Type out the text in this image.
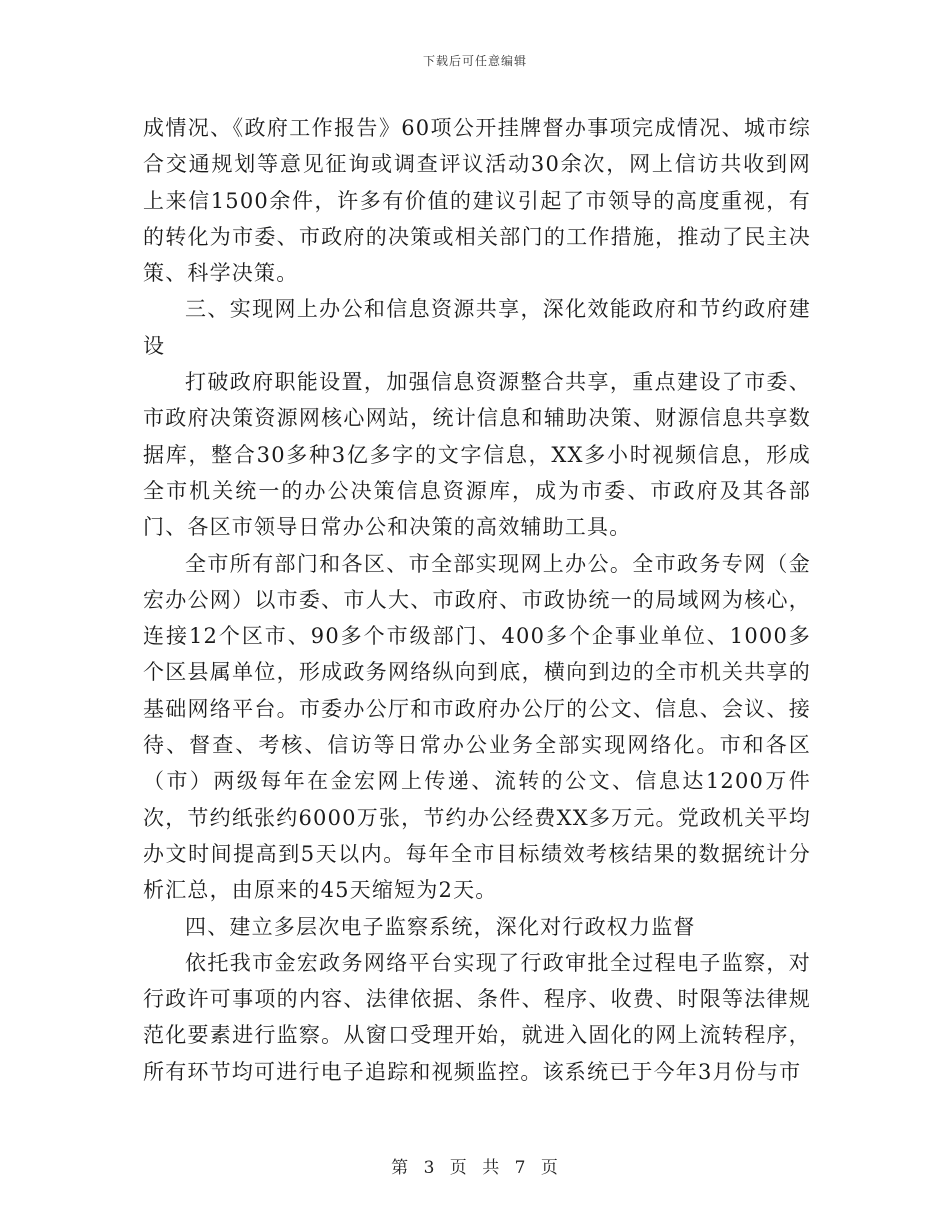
下载后可任意编辑

成情况、《政府工作报告》60项公开挂牌督办事项完成情况、城市综合交通规划等意见征询或调查评议活动30余次，网上信访共收到网上来信1500余件，许多有价值的建议引起了市领导的高度重视，有的转化为市委、市政府的决策或相关部门的工作措施，推动了民主决策、科学决策。

三、实现网上办公和信息资源共享，深化效能政府和节约政府建设

打破政府职能设置，加强信息资源整合共享，重点建设了市委、市政府决策资源网核心网站，统计信息和辅助决策、财源信息共享数据库，整合30多种3亿多字的文字信息，XX多小时视频信息，形成全市机关统一的办公决策信息资源库，成为市委、市政府及其各部门、各区市领导日常办公和决策的高效辅助工具。

全市所有部门和各区、市全部实现网上办公。全市政务专网（金宏办公网）以市委、市人大、市政府、市政协统一的局域网为核心，连接12个区市、90多个市级部门、400多个企事业单位、1000多个区县属单位，形成政务网络纵向到底，横向到边的全市机关共享的基础网络平台。市委办公厅和市政府办公厅的公文、信息、会议、接待、督查、考核、信访等日常办公业务全部实现网络化。市和各区（市）两级每年在金宏网上传递、流转的公文、信息达1200万件次，节约纸张约6000万张，节约办公经费XX多万元。党政机关平均办文时间提高到5天以内。每年全市目标绩效考核结果的数据统计分析汇总，由原来的45天缩短为2天。

四、建立多层次电子监察系统，深化对行政权力监督

依托我市金宏政务网络平台实现了行政审批全过程电子监察，对行政许可事项的内容、法律依据、条件、程序、收费、时限等法律规范化要素进行监察。从窗口受理开始，就进入固化的网上流转程序，所有环节均可进行电子追踪和视频监控。该系统已于今年3月份与市

第 3 页 共 7 页
